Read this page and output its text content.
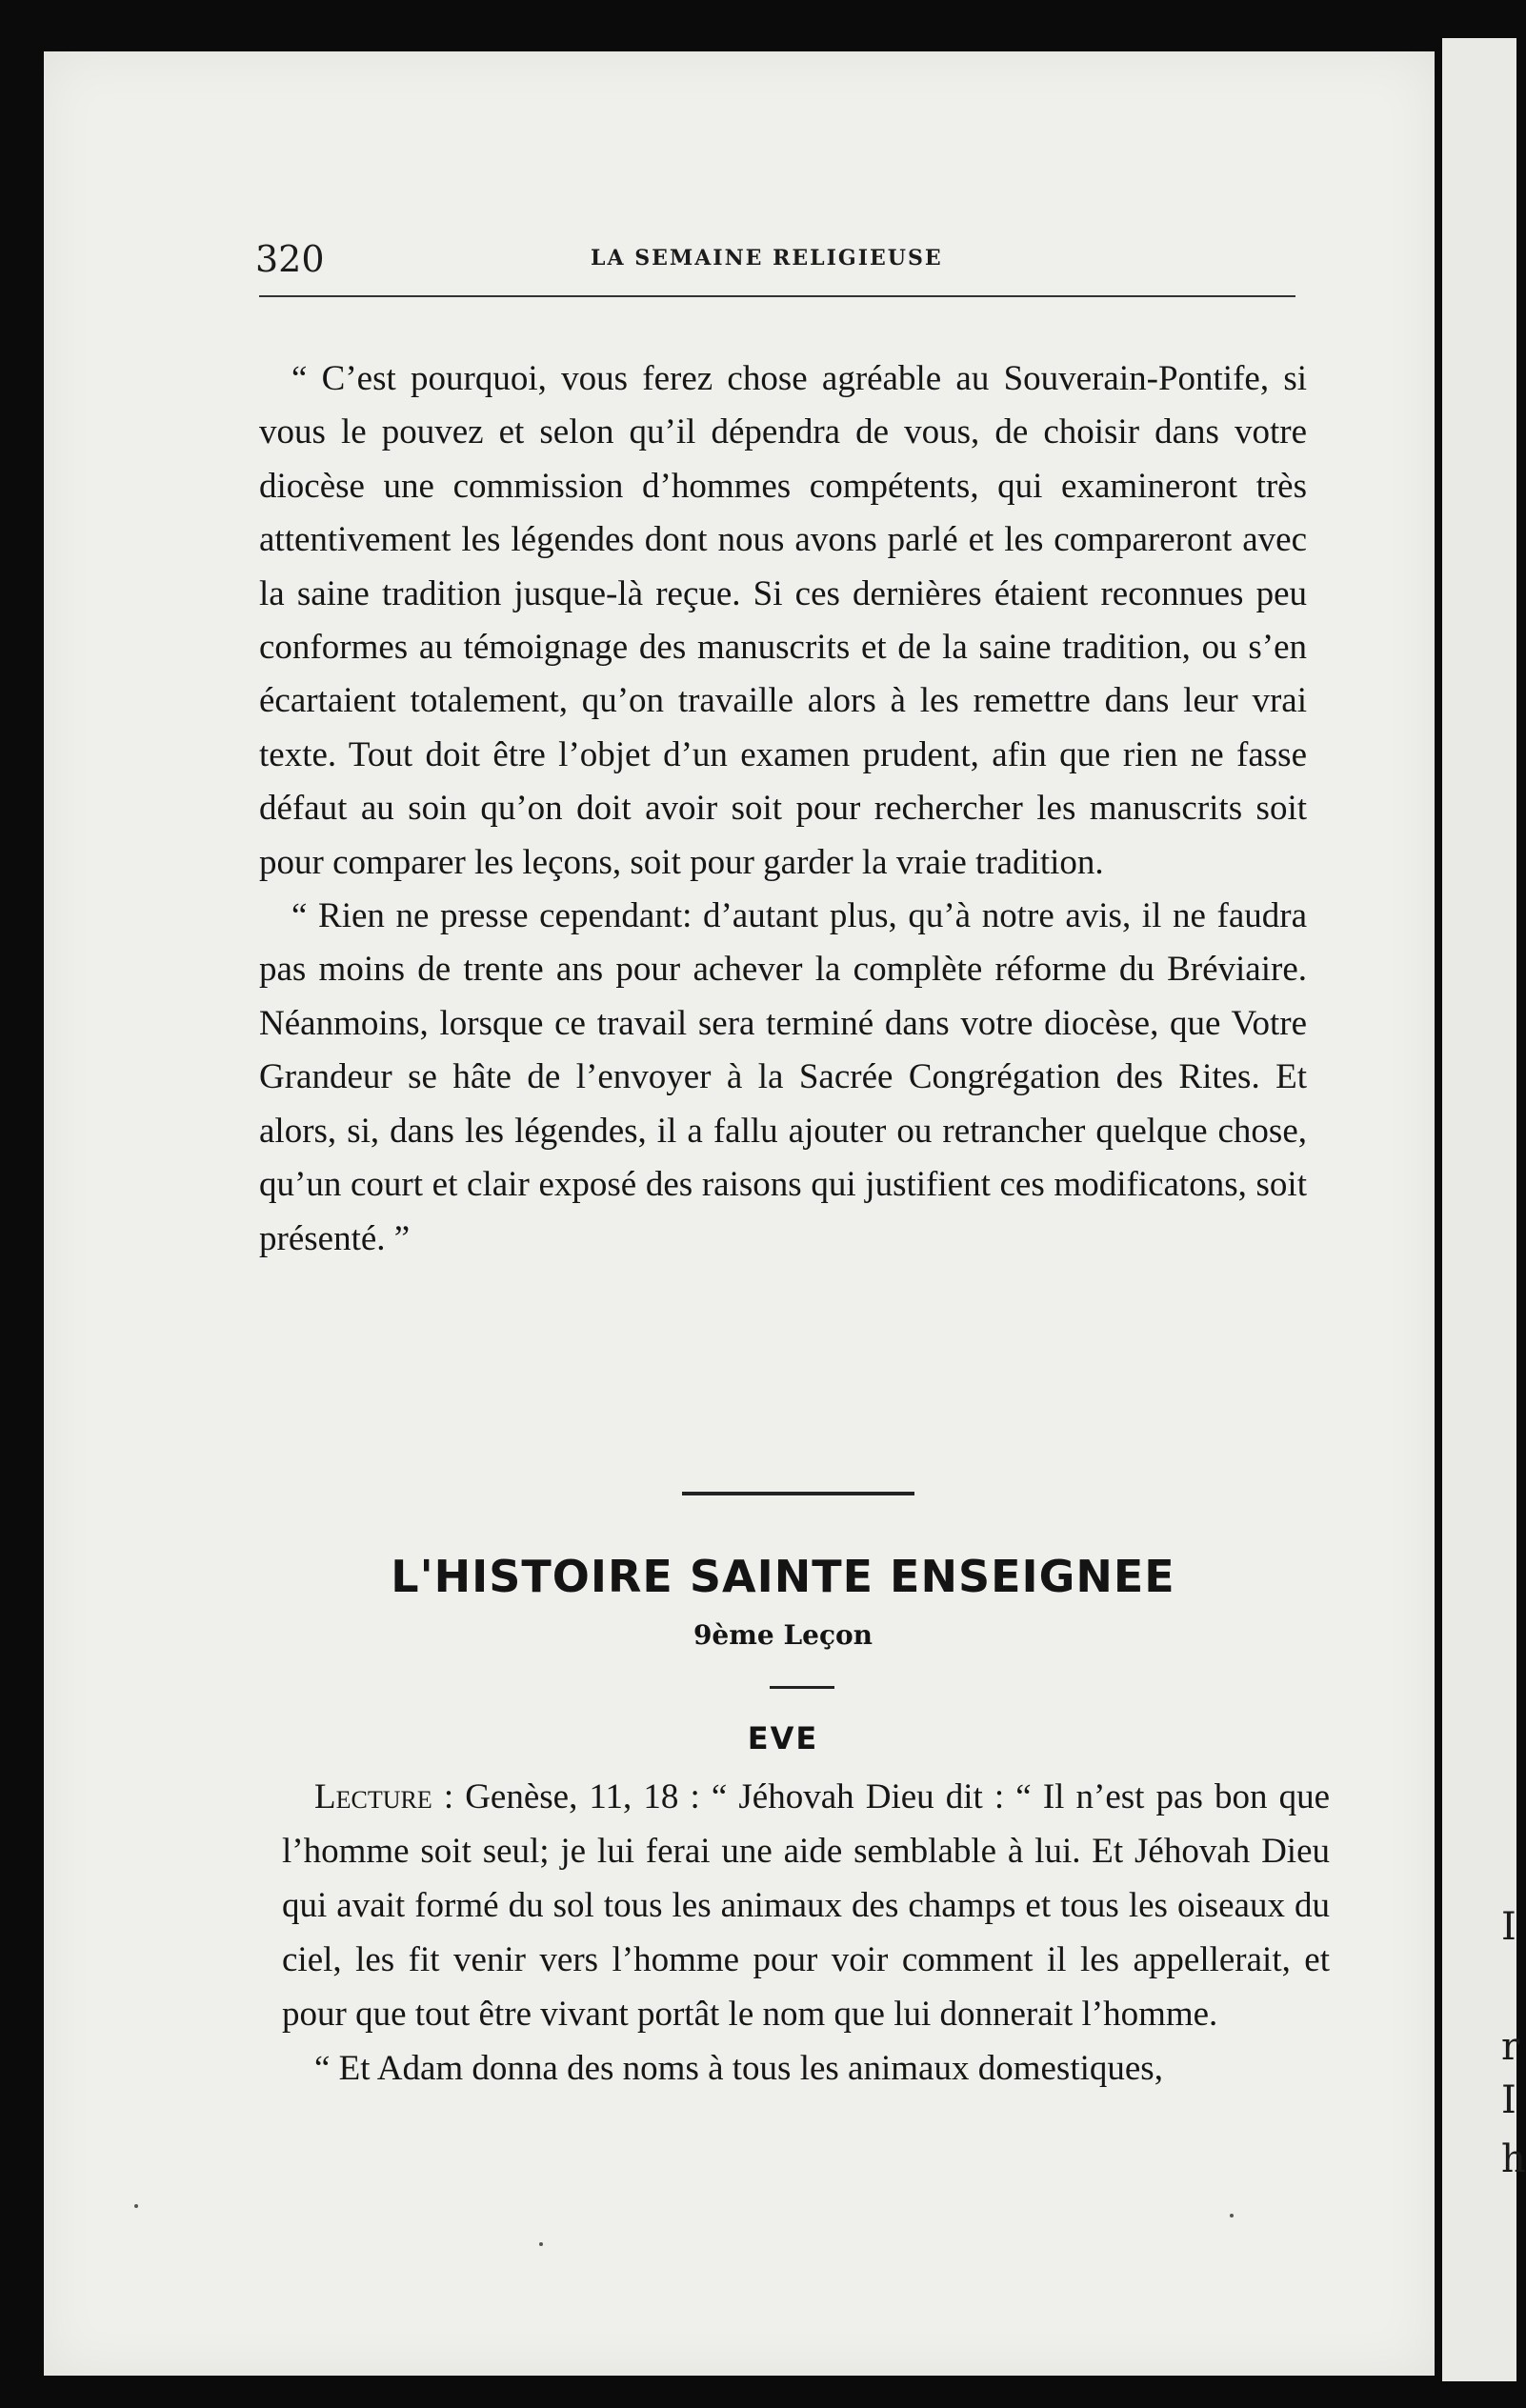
I
r
I
h
320	LA SEMAINE RELIGIEUSE

“ C’est pourquoi, vous ferez chose agréable au Souverain-Pontife, si vous le pouvez et selon qu’il dépendra de vous, de choisir dans votre diocèse une commission d’hommes compétents, qui examineront très attentivement les légendes dont nous avons parlé et les compareront avec la saine tradition jusque-là reçue. Si ces dernières étaient reconnues peu conformes au témoignage des manuscrits et de la saine tradition, ou s’en écartaient totalement, qu’on travaille alors à les remettre dans leur vrai texte. Tout doit être l’objet d’un examen prudent, afin que rien ne fasse défaut au soin qu’on doit avoir soit pour rechercher les manuscrits soit pour comparer les leçons, soit pour garder la vraie tradition.

“ Rien ne presse cependant: d’autant plus, qu’à notre avis, il ne faudra pas moins de trente ans pour achever la complète réforme du Bréviaire. Néanmoins, lorsque ce travail sera terminé dans votre diocèse, que Votre Grandeur se hâte de l’envoyer à la Sacrée Congrégation des Rites. Et alors, si, dans les légendes, il a fallu ajouter ou retrancher quelque chose, qu’un court et clair exposé des raisons qui justifient ces modificatons, soit présenté. ”

L'HISTOIRE SAINTE ENSEIGNEE
9ème Leçon
EVE

Lecture : Genèse, 11, 18 : “ Jéhovah Dieu dit : “ Il n’est pas bon que l’homme soit seul; je lui ferai une aide semblable à lui. Et Jéhovah Dieu qui avait formé du sol tous les animaux des champs et tous les oiseaux du ciel, les fit venir vers l’homme pour voir comment il les appellerait, et pour que tout être vivant portât le nom que lui donnerait l’homme.

“ Et Adam donna des noms à tous les animaux domestiques,
